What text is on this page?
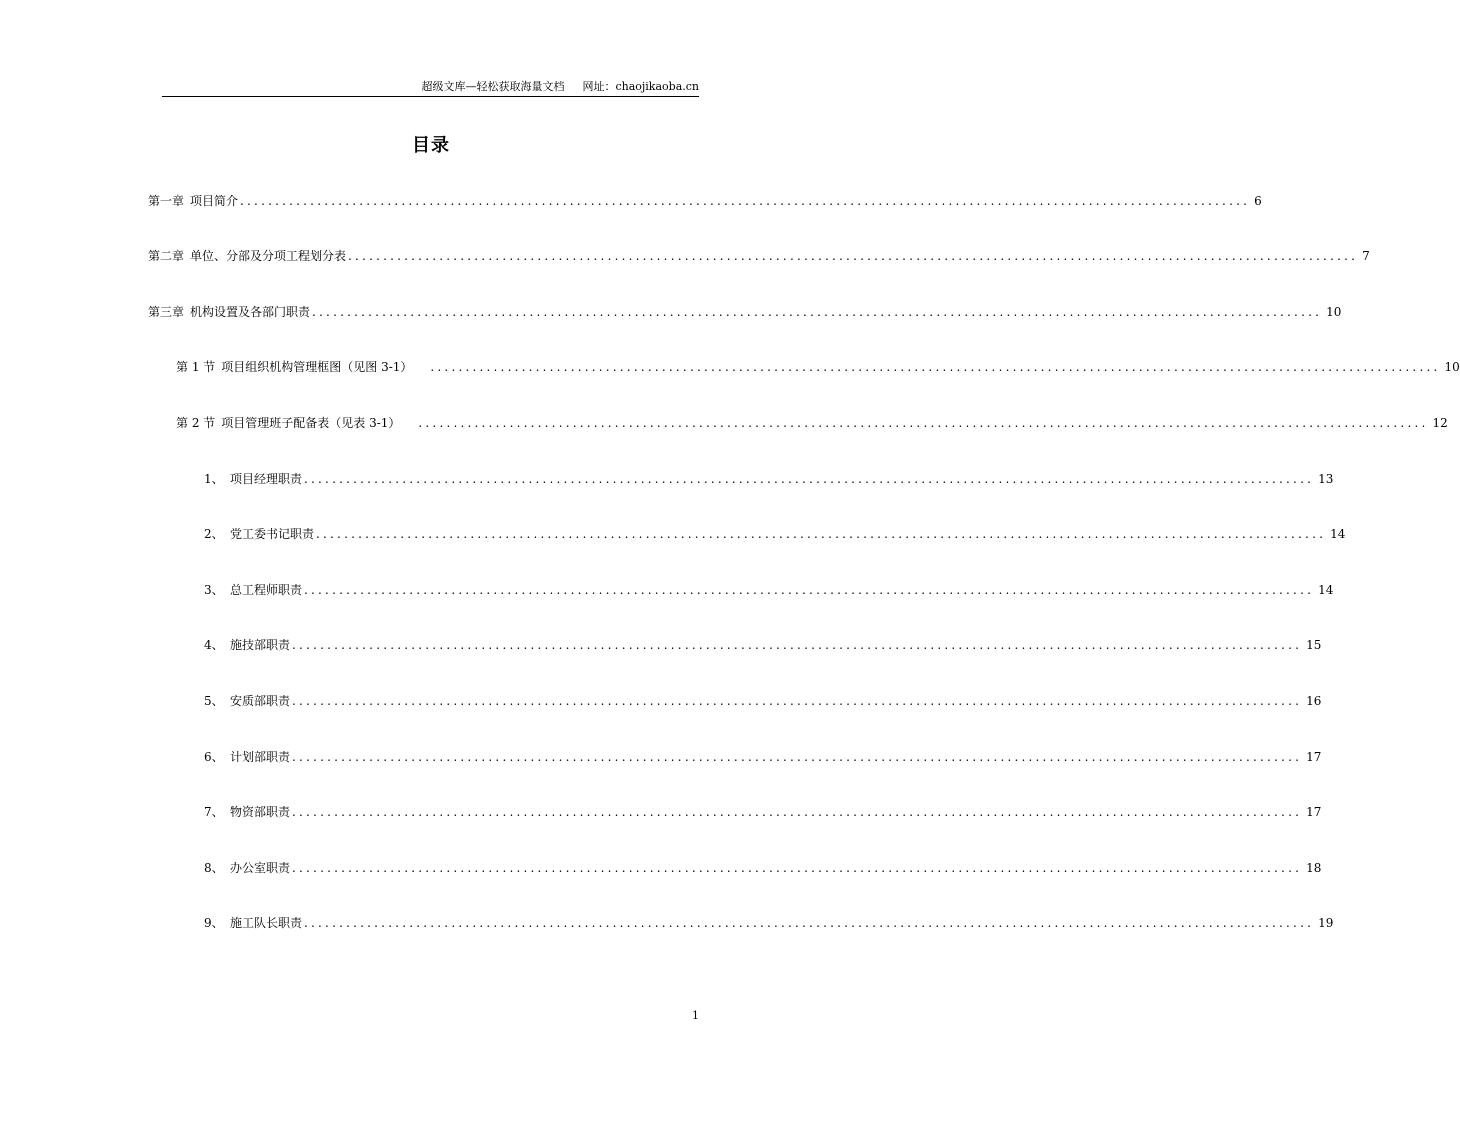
超级文库—轻松获取海量文档 网址：chaojikaoba.cn
目录
第一章 项目简介 ................................................................................................................................................ 6
第二章 单位、分部及分项工程划分表 ................................................................................................................................................ 7
第三章 机构设置及各部门职责 ................................................................................................................................................ 10
第 1 节 项目组织机构管理框图（见图 3-1） ................................................................................................................................................ 10
第 2 节 项目管理班子配备表（见表 3-1） ................................................................................................................................................ 12
1、 项目经理职责 ................................................................................................................................................ 13
2、 党工委书记职责 ................................................................................................................................................ 14
3、 总工程师职责 ................................................................................................................................................ 14
4、 施技部职责 ................................................................................................................................................ 15
5、 安质部职责 ................................................................................................................................................ 16
6、 计划部职责 ................................................................................................................................................ 17
7、 物资部职责 ................................................................................................................................................ 17
8、 办公室职责 ................................................................................................................................................ 18
9、 施工队长职责 ................................................................................................................................................ 19
1
